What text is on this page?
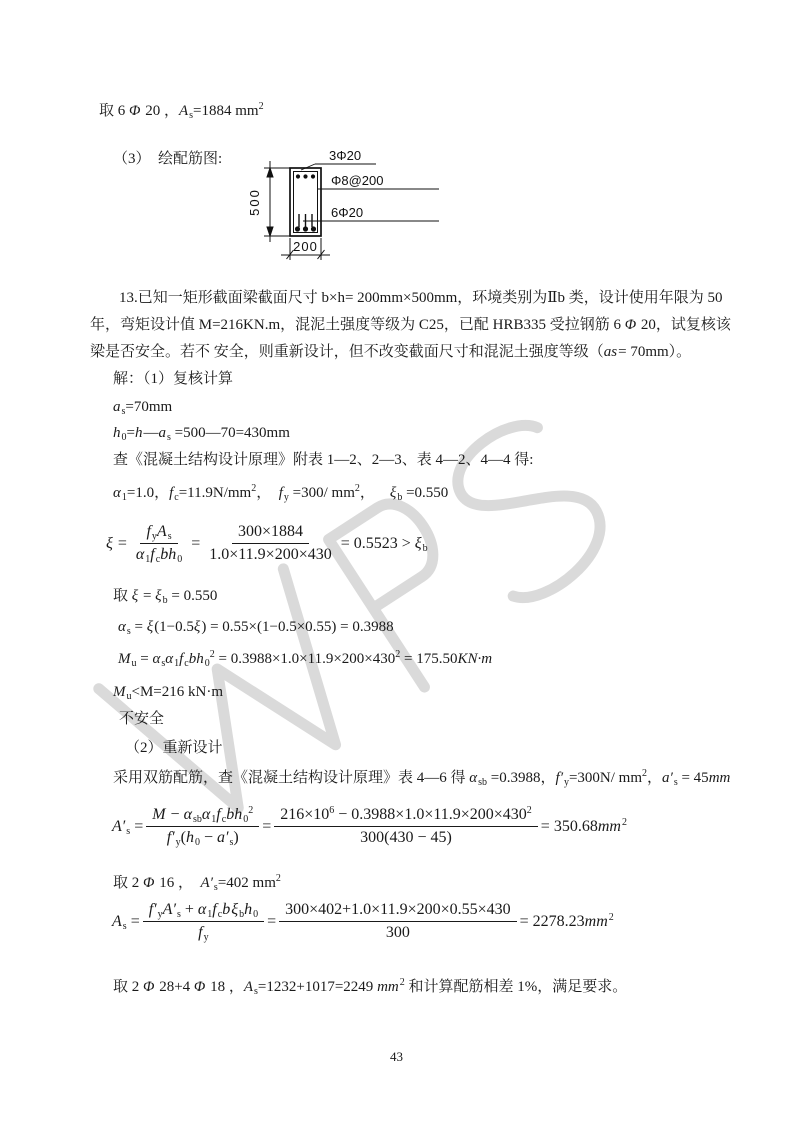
取 6 Φ 20 ，$A_s=1884$ $mm^2$
（3）  绘配筋图:
500
3Φ20
Φ8@200
6Φ20
200
13.已知一矩形截面梁截面尺寸 b×h= 200mm×500mm，环境类别为Ⅱb 类，设计使用年限为 50
年，弯矩设计值 M=216KN.m，混泥土强度等级为 C25，已配 HRB335 受拉钢筋 6 Φ 20，试复核该
梁是否安全。若不 安全，则重新设计，但不改变截面尺寸和混泥土强度等级（as= 70mm）。
解：（1）复核计算
$a_s=70mm$
$h_0=h—a_s$ =500—70=430mm
查《混凝土结构设计原理》附表 1—2、2—3、表 4—2、4—4 得:
$\alpha_1=1.0$，$f_c=11.9N/mm^2$，  $f_y =300/$ $mm^2$，    $\xi_b =0.550$
$\xi = \frac{f_yA_s}{\alpha_1f_cbh_0} = \frac{300\times 1884}{1.0\times 11.9\times 200\times 430} = 0.5523 > \xi_b$
取 $\xi = \xi_b = 0.550$
$\alpha_s = \xi(1-0.5\xi) = 0.55\times(1-0.5\times 0.55) = 0.3988$
$M_u = \alpha_s\alpha_1f_cbh_0^2 = 0.3988\times 1.0\times 11.9\times 200\times 430^2 = 175.50KN\cdot m$
$M_u<M=216$ kN·m
不安全
（2）重新设计
采用双筋配筋，查《混凝土结构设计原理》表 4—6 得 $\alpha_{sb} =0.3988$，$f'_y=300N/$ $mm^2$，$a'_s = 45mm$
$A'_s = \frac{M - \alpha_{sb}\alpha_1f_cbh_0^2}{f'_y(h_0 - a'_s)} = \frac{216\times 10^6 - 0.3988\times 1.0\times 11.9\times 200\times 430^2}{300(430 - 45)} = 350.68mm^2$
取 2 Φ 16 ，  $A'_s=402$ $mm^2$
$A_s = \frac{f'_yA'_s + \alpha_1f_cb\xi_bh_0}{f_y} = \frac{300\times 402+1.0\times 11.9\times 200\times 0.55\times 430}{300} = 2278.23mm^2$
取 2 Φ 28+4 Φ 18 ，$A_s=1232+1017=2249$ $mm^2$ 和计算配筋相差 1%，满足要求。
43
